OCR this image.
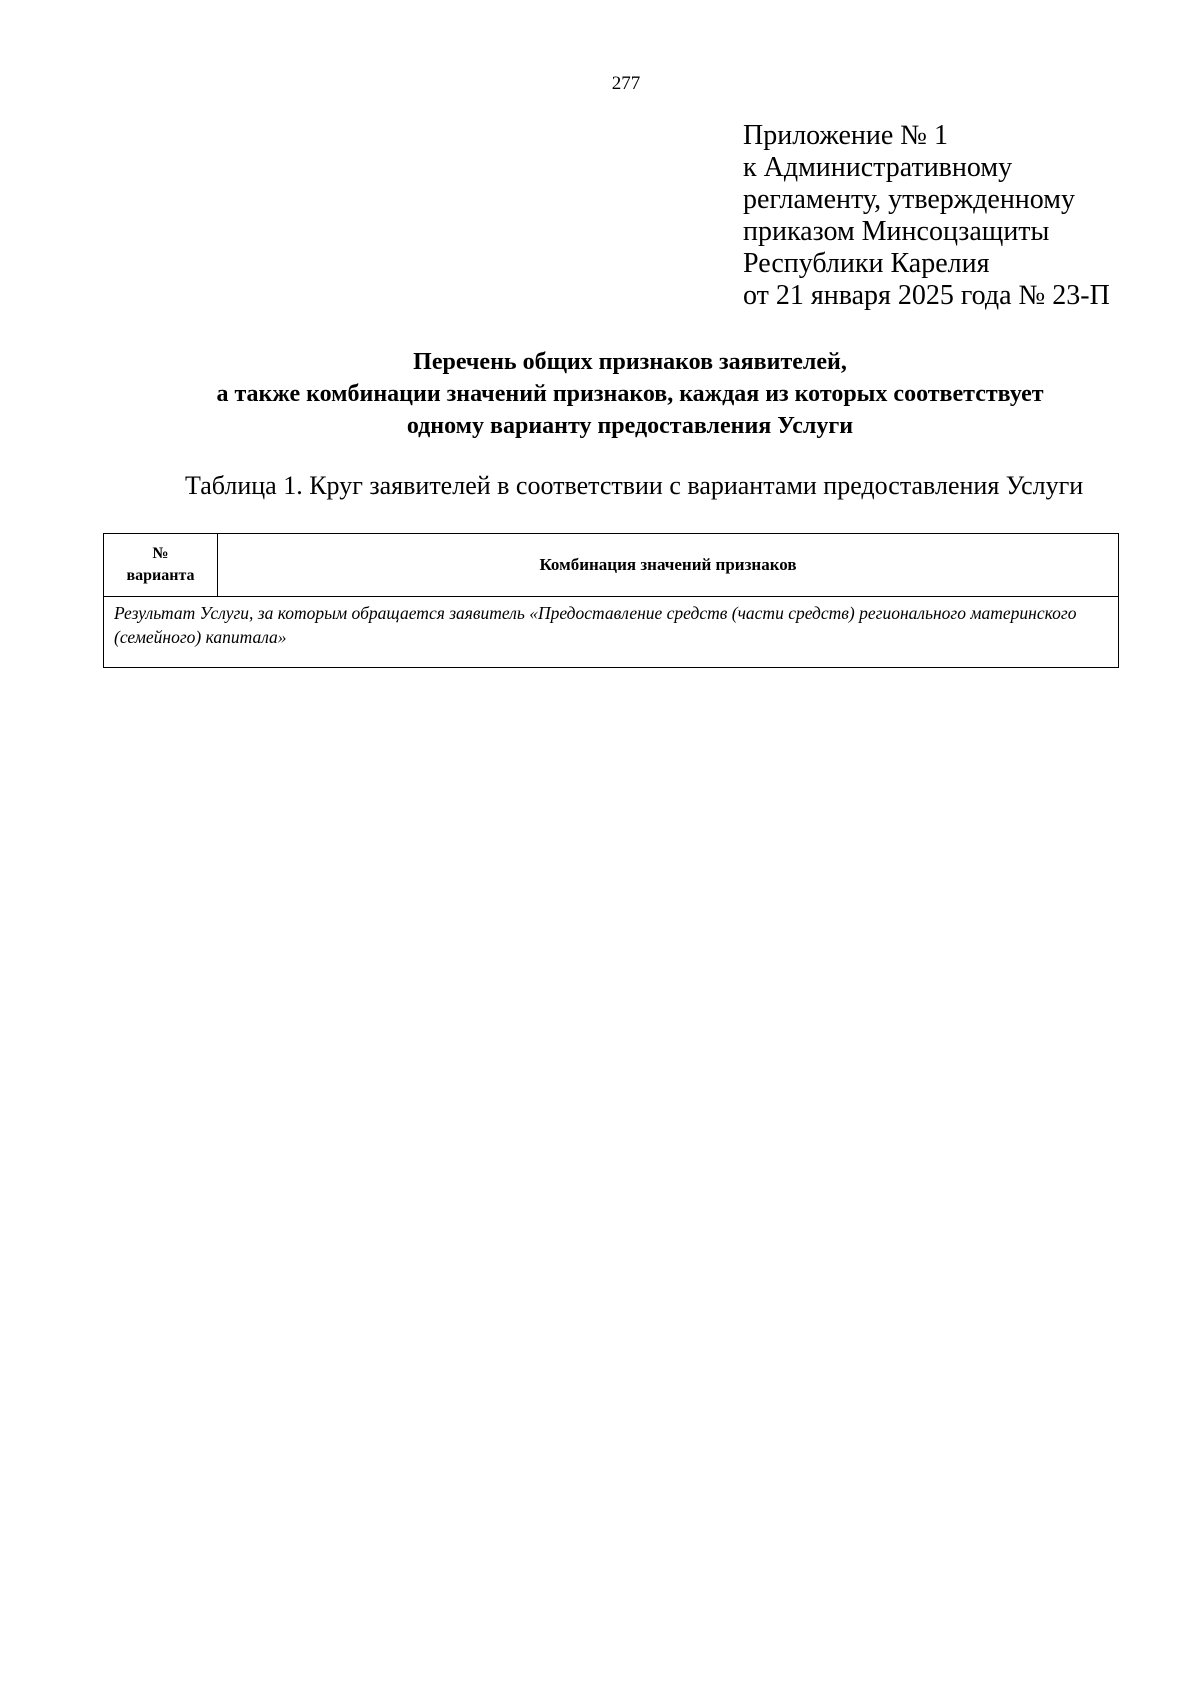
277
Приложение № 1
к Административному
регламенту, утвержденному
приказом Минсоцзащиты
Республики Карелия
от 21 января 2025 года № 23-П
Перечень общих признаков заявителей,
а также комбинации значений признаков, каждая из которых соответствует
одному варианту предоставления Услуги
Таблица 1. Круг заявителей в соответствии с вариантами предоставления Услуги
№
варианта	Комбинация значений признаков
Результат Услуги, за которым обращается заявитель «Предоставление средств (части средств) регионального материнского (семейного) капитала»
